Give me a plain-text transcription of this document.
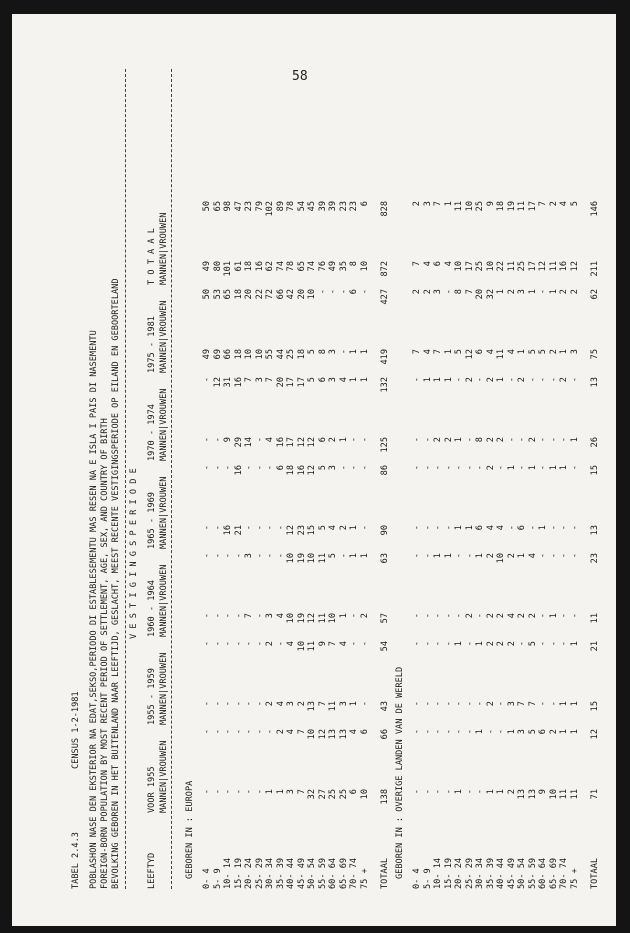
58
TABEL 2.4.3
CENSUS 1-2-1981 POBLASHON NASE DEN EKSTERIOR NA EDAT,SEKSO,PERIODO DI ESTABLESEMENTU MAS RESEN NA E ISLA I PAIS DI NASEMENTU FOREIGN-BORN POPULATION BY MOST RECENT PERIOD OF SETTLEMENT, AGE, SEX, AND COUNTRY OF BIRTH BEVOLKING GEBOREN IN HET BUITENLAND NAAR LEEFTIJD, GESLACHT, MEEST RECENTE VESTIGINGSPERIODE OP EILAND EN GEBOORTELAND	LEEFTYD
V E S T I G I N G S P E R I O D E
VOOR 1955 MANNEN|VROUWEN
1955 - 1959 MANNEN|VROUWEN
1960 - 1964 MANNEN|VROUWEN
1965 - 1969 MANNEN|VROUWEN
1970 - 1974 MANNEN|VROUWEN
1975 - 1981 MANNEN|VROUWEN
T O T A A L MANNEN|VROUWEN
GEBOREN IN : EUROPA 0- 4
-
-
-
-
-
-
-
-
-
-
49
50
49
50
5- 9
-
-
-
-
-
-
-
-
-
12
69
53
80
65
10- 14
-
-
-
-
-
-
16
-
9
31
66
65
101
98
15- 19
-
-
-
-
-
-
21
16
29
16
18
18
61
47
20- 24
-
-
-
-
7
3
-
-
14
7
10
20
18
23
25- 29
-
-
-
-
-
-
-
-
-
3
10
22
16
79
30- 34
1
-
2
2
3
-
-
-
4
7
55
72
62
102
35- 39
1
2
4
-
4
-
-
6
16
20
44
66
74
89
40- 44
3
4
3
4
10
10
12
18
17
17
25
42
78
78
45- 49
7
7
2
10
19
19
23
16
12
17
18
20
65
54
50- 54
32
10
13
11
12
10
15
12
12
5
5
10
74
45
55- 59
27
12
7
9
11
11
5
5
6
6
8
-
76
39
60- 64
25
13
11
7
10
5
4
3
2
3
3
-
49
39
65- 69
25
13
3
4
1
-
2
-
1
4
-
-
35
23
70- 74
6
4
1
-
-
1
1
-
-
1
1
6
8
23
75 +
10
6
-
-
2
1
-
-
-
1
1
-
10
6
TOTAAL
138
66
43
54
57
63
90
86
125
132
419
427
872
828
GEBOREN IN : OVERIGE LANDEN VAN DE WERELD 0- 4
-
-
-
-
-
-
-
-
-
-
7
2
7
2
5- 9
-
-
-
-
-
-
-
-
-
1
4
2
4
3
10- 14
-
-
-
-
-
1
-
-
2
1
7
3
6
7
15- 19
-
-
-
-
-
1
-
-
2
1
1
-
4
1
20- 24
1
-
-
1
-
-
1
-
1
-
5
8
10
11
25- 29
-
-
-
-
2
-
1
-
-
2
12
7
17
10
30- 34
-
1
-
1
-
1
6
-
8
-
6
20
25
25
35- 39
1
-
2
2
2
2
4
2
2
2
4
32
10
9
40- 44
1
-
-
2
2
10
4
-
2
1
11
1
22
18
45- 49
2
1
3
2
4
2
-
1
-
-
4
2
11
19
50- 54
13
3
7
-
2
1
6
-
-
2
1
3
25
11
55- 59
13
5
7
5
2
4
-
1
2
-
5
1
17
17
60- 64
9
6
-
-
-
-
1
-
-
-
5
-
12
7
65- 69
10
2
-
-
1
-
-
1
-
-
2
1
11
2
70- 74
11
1
1
-
-
-
-
1
-
2
1
2
16
4
75 +
11
1
1
1
-
-
-
-
1
-
3
2
12
5
TOTAAL
71
12
15
21
11
23
13
15
26
13
75
62
211
146
